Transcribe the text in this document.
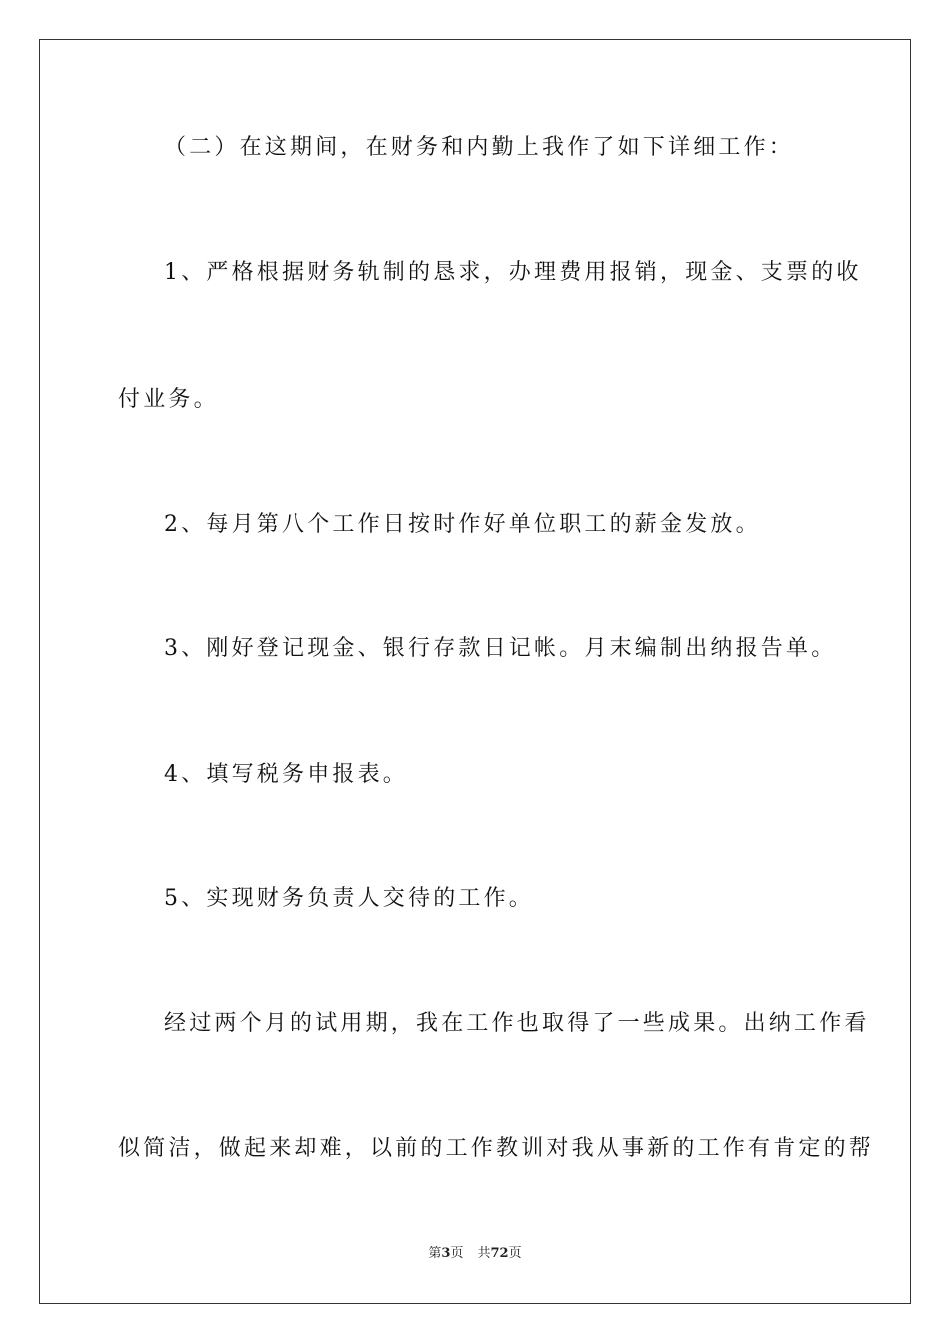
（二）在这期间，在财务和内勤上我作了如下详细工作：
1、严格根据财务轨制的恳求，办理费用报销，现金、支票的收
付业务。
2、每月第八个工作日按时作好单位职工的薪金发放。
3、刚好登记现金、银行存款日记帐。月末编制出纳报告单。
4、填写税务申报表。
5、实现财务负责人交待的工作。
经过两个月的试用期，我在工作也取得了一些成果。出纳工作看
似简洁，做起来却难，以前的工作教训对我从事新的工作有肯定的帮
第3页 共72页
